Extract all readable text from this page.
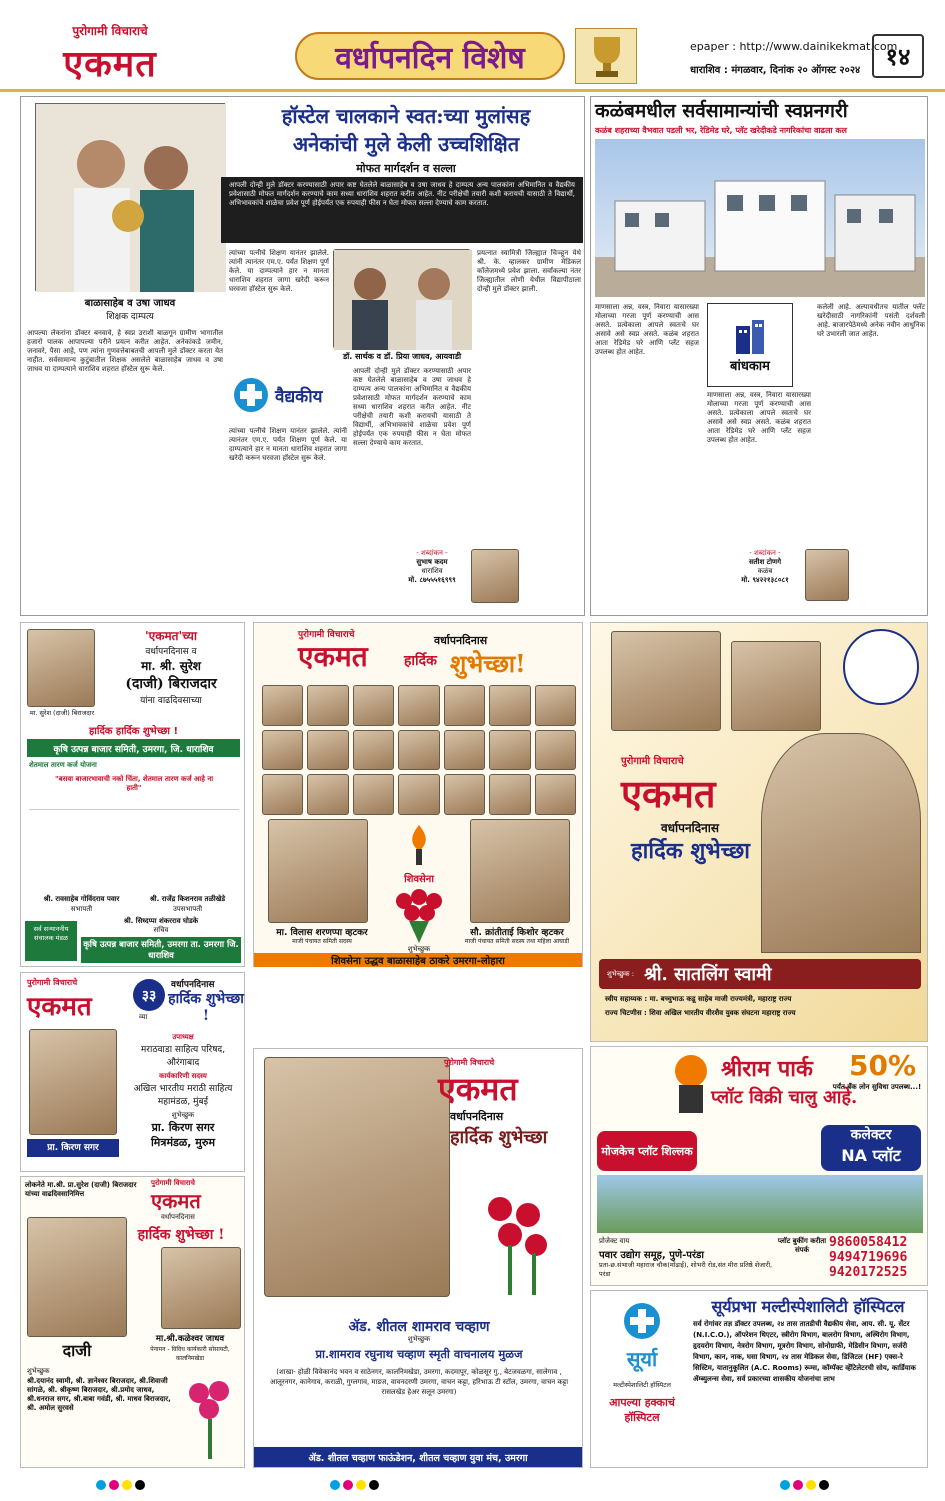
पुरोगामी विचाराचे
एकमत	वर्धापनदिन विशेष	epaper : http://www.dainikekmat.com
धाराशिव : मंगळवार, दिनांक २० ऑगस्ट २०२४	१४
बाळासाहेब व उषा जाधव
शिक्षक दाम्पत्य
हॉस्टेल चालकाने स्वत:च्या मुलांसह
अनेकांची मुले केली उच्चशिक्षित
मोफत मार्गदर्शन व सल्ला
आपली दोन्ही मुले डॉक्टर करण्यासाठी अपार कष्ट घेतलेले बाळासाहेब व उषा जाधव हे दाम्पत्य अन्य पालकांना अभिमानित व वैद्यकीय प्रवेशासाठी मोफत मार्गदर्शन करण्याचे काम सध्या धाराशिव शहरात करीत आहेत. नीट परीक्षेची तयारी कशी करायची यासाठी ते विद्यार्थी, अभिभावकांचे शाळेचा प्रवेश पूर्ण होईपर्यंत एक रुपयाही फीस न घेता मोफत सल्ला देण्याचे काम करतात.
आपल्या लेकरांना डॉक्टर बनवावे, हे स्वप्न उराशी बाळगून ग्रामीण भागातील हजारो पालक आपापल्या परीने प्रयत्न करीत आहेत. अनेकांकडे जमीन, जनावरे, पैसा आहे, पण त्यांना गुणवत्तेबाबतची आपली मुले डॉक्टर करता येत नाहीत. सर्वसामान्य कुटुंबातील शिक्षक असलेले बाळासाहेब जाधव व उषा जाधव या दाम्पत्याने धाराशिव शहरात हॉस्टेल सुरू केले.
त्यांच्या पत्नीचे शिक्षण यानंतर झालेले. त्यांनी त्यानंतर एम.ए. पर्यंत शिक्षण पूर्ण केले. या दाम्पत्याने हार न मानता धाराशिव शहरात जागा खरेदी करून घरवजा हॉस्टेल सुरू केले.
डॉ. सार्थक व डॉ. प्रिया जाधव, आयवाडी
वैद्यकीय
त्यांच्या पत्नीचे शिक्षण यानंतर झालेले. त्यांनी त्यानंतर एम.ए. पर्यंत शिक्षण पूर्ण केले. या दाम्पत्याने हार न मानता धाराशिव शहरात जागा खरेदी करून घरवजा हॉस्टेल सुरू केले.
आपली दोन्ही मुले डॉक्टर करण्यासाठी अपार कष्ट घेतलेले बाळासाहेब व उषा जाधव हे दाम्पत्य अन्य पालकांना अभिमानित व वैद्यकीय प्रवेशासाठी मोफत मार्गदर्शन करण्याचे काम सध्या धाराशिव शहरात करीत आहेत. नीट परीक्षेची तयारी कशी करायची यासाठी ते विद्यार्थी, अभिभावकांचे शाळेचा प्रवेश पूर्ण होईपर्यंत एक रुपयाही फीस न घेता मोफत सल्ला देण्याचे काम करतात.
प्रयत्नात स्वामित्री जिल्ह्यात चिञ्हून येथे श्री. के. व्हालकर ग्रामीण मेडिकल कॉलेजमध्ये प्रवेश झाला. सर्वांकल्या नंतर जिल्ह्यातील लोणी येथील विद्यापीठाला दोन्ही मुले डॉक्टर झाली.
- शब्दांकन -
सुभाष कदम
धाराशिव
मो. ८७५५५१६९९९
कळंबमधील सर्वसामान्यांची स्वप्ननगरी
कळंब शहराच्या वैभवात पडली भर, रेडिमेड घरे, प्लॅट खरेदीकडे नागरिकांचा वाढला कल
माणसाला अन्न, वस्त्र, निवारा यासारख्या मोलाच्या गरजा पूर्ण करण्याची आस असते. प्रत्येकाला आपले स्वतःचे घर असावे असे स्वप्न असते. कळंब शहरात आता रेडिमेड घरे आणि प्लॅट सहज उपलब्ध होत आहेत.
बांधकाम
माणसाला अन्न, वस्त्र, निवारा यासारख्या मोलाच्या गरजा पूर्ण करण्याची आस असते. प्रत्येकाला आपले स्वतःचे घर असावे असे स्वप्न असते. कळंब शहरात आता रेडिमेड घरे आणि प्लॅट सहज उपलब्ध होत आहेत.
कलेली आहे. अल्पावधीतच यातील फ्लॅट खरेदीसाठी नागरिकांनी पसंती दर्शवली आहे. बाजारपेठेमध्ये अनेक नवीन आधुनिक घरे उभारली जात आहेत.
- शब्दांकन -
सतीश टोणगे
कळंब
मो. ९४२२१३८०८१
'एकमत'च्या
वर्धापनदिनास व
मा. श्री. सुरेश
(दाजी) बिराजदार
यांना वाढदिवसाच्या
मा. सुरेश (दाजी) बिराजदार
हार्दिक हार्दिक शुभेच्छा !
कृषि उत्पन्न बाजार समिती, उमरगा, जि. धाराशिव
शेतमाल तारण कर्ज योजना
"बसवा बाजारभावाची नको चिंता, शेतमाल तारण कर्ज आहे ना हाती"
श्री. रावसाहेब गोविंदराव पवार
सभापती
श्री. राजेंद्र किशनराव तळीखेडे
उपसभापती
श्री. सिध्दप्पा शंकरराव घोडके
सचिव
सर्व सन्माननीय संचालक मंडळ
कृषि उत्पन्न बाजार समिती, उमरगा ता. उमरगा जि. धाराशिव
पुरोगामी विचाराचे
एकमत	वर्धापनदिनास
हार्दिक शुभेच्छा!
शिवसेना
मा. विलास शरणप्पा व्हटकर
माजी पंचायत समिती सदस्य
सौ. क्रांतीताई किशोर व्हटकर
माजी पंचायत समिती सदस्य तथा महिला आघाडी
शुभेच्छुक
शिवसेना उद्धव बाळासाहेब ठाकरे उमरगा-लोहारा
पुरोगामी विचाराचे
एकमत
वर्धापनदिनास
हार्दिक शुभेच्छा
शुभेच्छुक : श्री. सातलिंग स्वामी
स्वीय सहाय्यक : मा. बच्चुभाऊ कडू साहेब माजी राज्यमंत्री, महाराष्ट्र राज्य
राज्य चिटणीस : शिवा अखिल भारतीय वीरशैव युवक संघटना महाराष्ट्र राज्य
पुरोगामी विचाराचे
एकमत	३३
व्या
वर्धापनदिनास
हार्दिक शुभेच्छा !
प्रा. किरण सगर
उपाध्यक्ष
मराठवाडा साहित्य परिषद, औरंगाबाद
कार्यकारिणी सदस्य
अखिल भारतीय मराठी साहित्य महामंडळ, मुंबई
शुभेच्छुक
प्रा. किरण सगर
मित्रमंडळ, मुरुम
लोकनेते मा.श्री. प्रा.सुरेश (दाजी) बिराजदार यांच्या वाढदिवसानिमित्त
पुरोगामी विचाराचे
एकमत
वर्धापनदिनास
हार्दिक शुभेच्छा !
दाजी
मा.श्री.कळेश्वर जाधव
पेनामन - विविध कार्यकारी सोसायटी, कालनिमखेडा
शुभेच्छुक
श्री.दयानंद स्वामी, श्री. ज्ञानेश्वर बिराजदार, श्री.शिवाजी सांगळे, श्री. श्रीकृष्ण बिराजदार, श्री.प्रमोद जाधव, श्री.धनराज सगर, श्री.बाबा गवंडी, श्री. माधव बिराजदार, श्री. अमोल सुरवसे
पुरोगामी विचाराचे
एकमत
वर्धापनदिनास
हार्दिक शुभेच्छा
ॲड. शीतल शामराव चव्हाण
शुभेच्छुक
प्रा.शामराव रघुनाथ चव्हाण स्मृती वाचनालय मुळज
(शाखा- होळी विवेकानंद भवन व साठेनगर, कालनिमखेडा, उमरगा, कदमापूर, कोळसूर गु., बेटजवळगा, सालेगाव , आलूरनगर, कानेगाव, कराळी, गुग्लगाव, माडज, वावनदरणी उमरगा, वाचन कट्टा, हरिभाऊ टी स्टॉल, उमरगा, वाचन कट्टा रासलखेड हेअर सलून उमरगा)
ॲड. शीतल चव्हाण फाऊंडेशन, शीतल चव्हाण युवा मंच, उमरगा
श्रीराम पार्क 50%
पर्यंत बँक लोन सुविधा उपलब्ध...!
प्लॉट विक्री चालु आहे.
मोजकेच प्लॉट शिल्लक
कलेक्टर
NA प्लॉट
प्रोजेक्ट वाय
पवार उद्योग समूह, पुणे-परंडा
प्रता-छ.संभाजी महाराज चौक(मोंढाई), शोभरी रोड,संत मीरा प्रतिष्ठे शेजारी, परंडा
प्लॉट बुकींग करीता संपर्क	9860058412
9494719696
9420172525
सूर्यप्रभा मल्टीस्पेशालिटी हॉस्पिटल
सूर्या
मल्टीस्पेशालिटी हॉस्पिटल
आपल्या हक्काचं हॉस्पिटल
सर्व रोगांवर तज्ञ डॉक्टर उपलब्ध, २४ तास तातडीची वैद्यकीय सेवा, आय. सी. यू. सेंटर (N.I.C.O.), ऑपरेशन थिएटर, स्त्रीरोग विभाग, बालरोग विभाग, अस्थिरोग विभाग, हृदयरोग विभाग, नेत्ररोग विभाग, मूत्ररोग विभाग, सोनोग्राफी, मेडिसीन विभाग, सर्जरी विभाग, कान, नाक, घसा विभाग, २४ तास मेडिकल सेवा, डिजिटल (HF) एक्स-रे सिस्टिम, यातानुकूलित (A.C. Rooms) रूम्स, कॉम्पॅक्ट व्हेंटिलेटरची सोय, कार्डियाक ॲम्ब्युलन्स सेवा, सर्व प्रकारच्या शासकीय योजनांचा लाभ
